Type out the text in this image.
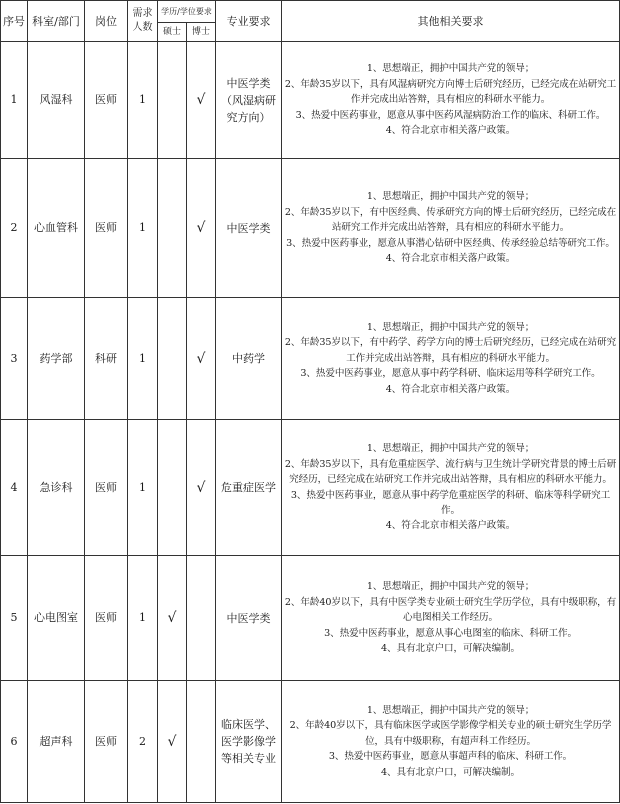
序号	科室/部门	岗位	需求人数	学历/学位要求		专业要求	其他相关要求
				硕士	博士		
1	风湿科	医师	1		√	中医学类（风湿病研究方向）	1、思想端正，拥护中国共产党的领导；
2、年龄35岁以下，具有风湿病研究方向博士后研究经历，已经完成在站研究工作并完成出站答辩，具有相应的科研水平能力。
3、热爱中医药事业，愿意从事中医药风湿病防治工作的临床、科研工作。
4、符合北京市相关落户政策。

2	心血管科	医师	1		√	中医学类	1、思想端正，拥护中国共产党的领导；
2、年龄35岁以下，有中医经典、传承研究方向的博士后研究经历，已经完成在站研究工作并完成出站答辩，具有相应的科研水平能力。
3、热爱中医药事业，愿意从事潜心钻研中医经典、传承经验总结等研究工作。
4、符合北京市相关落户政策。

3	药学部	科研	1		√	中药学	1、思想端正，拥护中国共产党的领导；
2、年龄35岁以下，有中药学、药学方向的博士后研究经历，已经完成在站研究工作并完成出站答辩，具有相应的科研水平能力。
3、热爱中医药事业，愿意从事中药学科研、临床运用等科学研究工作。
4、符合北京市相关落户政策。

4	急诊科	医师	1		√	危重症医学	1、思想端正，拥护中国共产党的领导；
2、年龄35岁以下，具有危重症医学、流行病与卫生统计学研究背景的博士后研究经历，已经完成在站研究工作并完成出站答辩，具有相应的科研水平能力。
3、热爱中医药事业，愿意从事中药学危重症医学的科研、临床等科学研究工作。
4、符合北京市相关落户政策。

5	心电图室	医师	1	√		中医学类	1、思想端正，拥护中国共产党的领导；
2、年龄40岁以下，具有中医学类专业硕士研究生学历学位，具有中级职称，有心电图相关工作经历。
3、热爱中医药事业，愿意从事心电图室的临床、科研工作。
4、具有北京户口，可解决编制。

6	超声科	医师	2	√		临床医学、医学影像学等相关专业	1、思想端正，拥护中国共产党的领导；
2、年龄40岁以下，具有临床医学或医学影像学相关专业的硕士研究生学历学位，具有中级职称，有超声科工作经历。
3、热爱中医药事业，愿意从事超声科的临床、科研工作。
4、具有北京户口，可解决编制。
